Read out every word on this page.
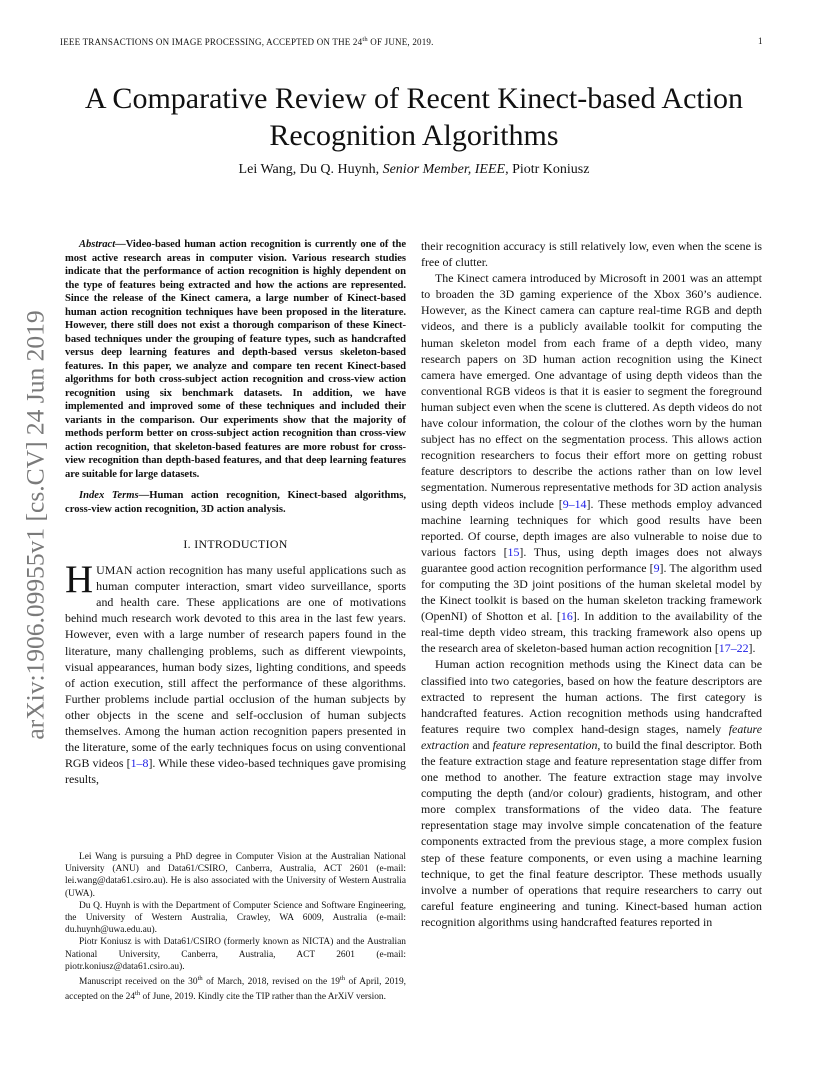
IEEE TRANSACTIONS ON IMAGE PROCESSING, ACCEPTED ON THE 24th OF JUNE, 2019.	1
arXiv:1906.09955v1 [cs.CV] 24 Jun 2019
A Comparative Review of Recent Kinect-based Action Recognition Algorithms
Lei Wang, Du Q. Huynh, Senior Member, IEEE, Piotr Koniusz

Abstract—Video-based human action recognition is currently one of the most active research areas in computer vision. Various research studies indicate that the performance of action recognition is highly dependent on the type of features being extracted and how the actions are represented. Since the release of the Kinect camera, a large number of Kinect-based human action recognition techniques have been proposed in the literature. However, there still does not exist a thorough comparison of these Kinect-based techniques under the grouping of feature types, such as handcrafted versus deep learning features and depth-based versus skeleton-based features. In this paper, we analyze and compare ten recent Kinect-based algorithms for both cross-subject action recognition and cross-view action recognition using six benchmark datasets. In addition, we have implemented and improved some of these techniques and included their variants in the comparison. Our experiments show that the majority of methods perform better on cross-subject action recognition than cross-view action recognition, that skeleton-based features are more robust for cross-view recognition than depth-based features, and that deep learning features are suitable for large datasets.

Index Terms—Human action recognition, Kinect-based algorithms, cross-view action recognition, 3D action analysis.

I. INTRODUCTION

HUMAN action recognition has many useful applications such as human computer interaction, smart video surveillance, sports and health care. These applications are one of motivations behind much research work devoted to this area in the last few years. However, even with a large number of research papers found in the literature, many challenging problems, such as different viewpoints, visual appearances, human body sizes, lighting conditions, and speeds of action execution, still affect the performance of these algorithms. Further problems include partial occlusion of the human subjects by other objects in the scene and self-occlusion of human subjects themselves. Among the human action recognition papers presented in the literature, some of the early techniques focus on using conventional RGB videos [1–8]. While these video-based techniques gave promising results,

Lei Wang is pursuing a PhD degree in Computer Vision at the Australian National University (ANU) and Data61/CSIRO, Canberra, Australia, ACT 2601 (e-mail: lei.wang@data61.csiro.au). He is also associated with the University of Western Australia (UWA).

Du Q. Huynh is with the Department of Computer Science and Software Engineering, the University of Western Australia, Crawley, WA 6009, Australia (e-mail: du.huynh@uwa.edu.au).

Piotr Koniusz is with Data61/CSIRO (formerly known as NICTA) and the Australian National University, Canberra, Australia, ACT 2601 (e-mail: piotr.koniusz@data61.csiro.au).

Manuscript received on the 30th of March, 2018, revised on the 19th of April, 2019, accepted on the 24th of June, 2019. Kindly cite the TIP rather than the ArXiV version.

their recognition accuracy is still relatively low, even when the scene is free of clutter.

The Kinect camera introduced by Microsoft in 2001 was an attempt to broaden the 3D gaming experience of the Xbox 360’s audience. However, as the Kinect camera can capture real-time RGB and depth videos, and there is a publicly available toolkit for computing the human skeleton model from each frame of a depth video, many research papers on 3D human action recognition using the Kinect camera have emerged. One advantage of using depth videos than the conventional RGB videos is that it is easier to segment the foreground human subject even when the scene is cluttered. As depth videos do not have colour information, the colour of the clothes worn by the human subject has no effect on the segmentation process. This allows action recognition researchers to focus their effort more on getting robust feature descriptors to describe the actions rather than on low level segmentation. Numerous representative methods for 3D action analysis using depth videos include [9–14]. These methods employ advanced machine learning techniques for which good results have been reported. Of course, depth images are also vulnerable to noise due to various factors [15]. Thus, using depth images does not always guarantee good action recognition performance [9]. The algorithm used for computing the 3D joint positions of the human skeletal model by the Kinect toolkit is based on the human skeleton tracking framework (OpenNI) of Shotton et al. [16]. In addition to the availability of the real-time depth video stream, this tracking framework also opens up the research area of skeleton-based human action recognition [17–22].

Human action recognition methods using the Kinect data can be classified into two categories, based on how the feature descriptors are extracted to represent the human actions. The first category is handcrafted features. Action recognition methods using handcrafted features require two complex hand-design stages, namely feature extraction and feature representation, to build the final descriptor. Both the feature extraction stage and feature representation stage differ from one method to another. The feature extraction stage may involve computing the depth (and/or colour) gradients, histogram, and other more complex transformations of the video data. The feature representation stage may involve simple concatenation of the feature components extracted from the previous stage, a more complex fusion step of these feature components, or even using a machine learning technique, to get the final feature descriptor. These methods usually involve a number of operations that require researchers to carry out careful feature engineering and tuning. Kinect-based human action recognition algorithms using handcrafted features reported in
